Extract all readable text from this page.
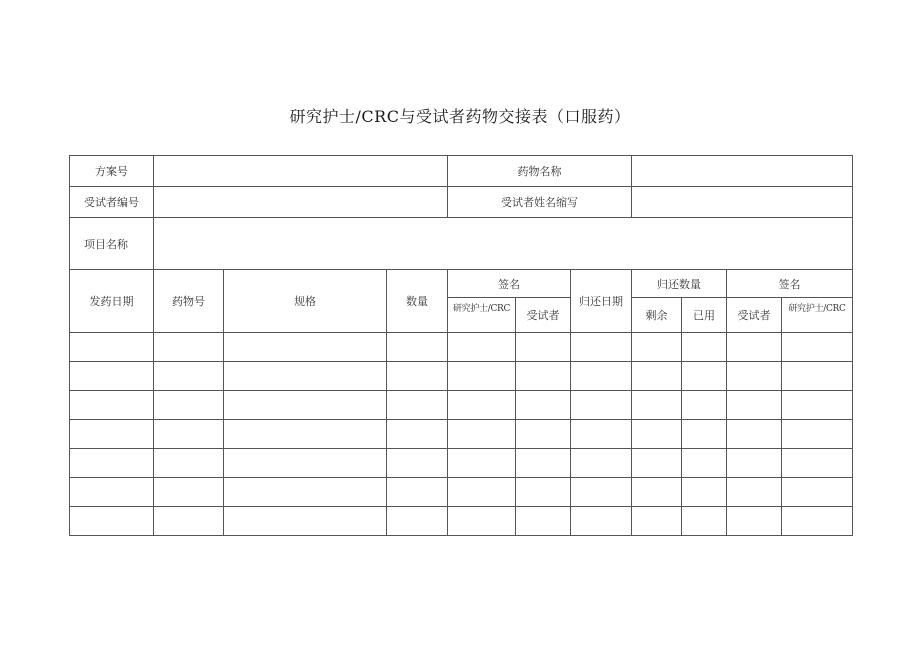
研究护士/CRC与受试者药物交接表（口服药）
方案号				药物名称						
受试者编号				受试者姓名缩写						
项目名称										
发药日期	药物号	规格	数量	签名		归还日期	归还数量		签名	
				研究护士/CRC	受试者		剩余	已用	受试者	研究护士/CRC
